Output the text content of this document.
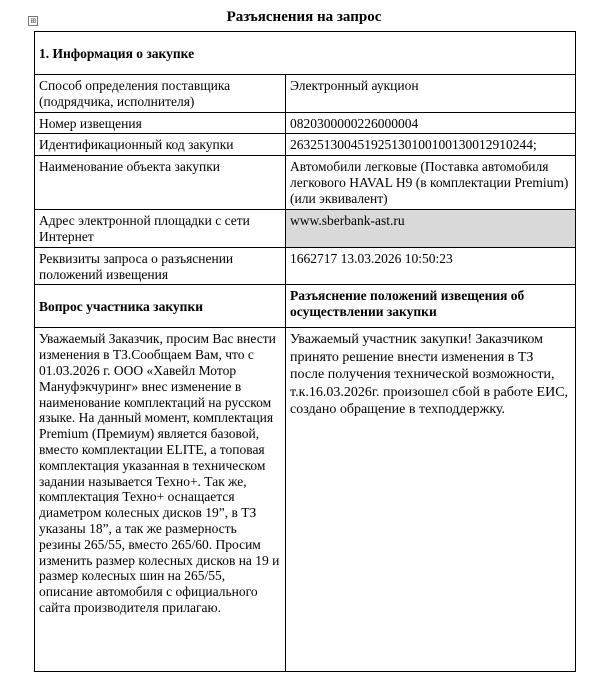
⊞	Разъяснения на запрос
1. Информация о закупке	
Способ определения поставщика (подрядчика, исполнителя)	Электронный аукцион
Номер извещения	0820300000226000004
Идентификационный код закупки	263251300451925130100100130012910244;
Наименование объекта закупки	Автомобили легковые (Поставка автомобиля легкового HAVAL H9 (в комплектации Premium) (или эквивалент)
Адрес электронной площадки с сети Интернет	www.sberbank-ast.ru
Реквизиты запроса о разъяснении положений извещения	1662717 13.03.2026 10:50:23
Вопрос участника закупки	Разъяснение положений извещения об осуществлении закупки
Уважаемый Заказчик, просим Вас внести изменения в ТЗ.Сообщаем Вам, что с 01.03.2026 г. ООО «Хавейл Мотор Мануфэкчуринг» внес изменение в наименование комплектаций на русском языке. На данный момент, комплектация Premium (Премиум) является базовой, вместо комплектации ELITE, а топовая комплектация указанная в техническом задании называется Техно+. Так же, комплектация Техно+ оснащается диаметром колесных дисков 19”, в ТЗ указаны 18”, а так же размерность резины 265/55, вместо 265/60. Просим изменить размер колесных дисков на 19 и размер колесных шин на 265/55, описание автомобиля с официального сайта производителя прилагаю.	Уважаемый участник закупки! Заказчиком принято решение внести изменения в ТЗ после получения технической возможности, т.к.16.03.2026г. произошел сбой в работе ЕИС, создано обращение в техподдержку.
